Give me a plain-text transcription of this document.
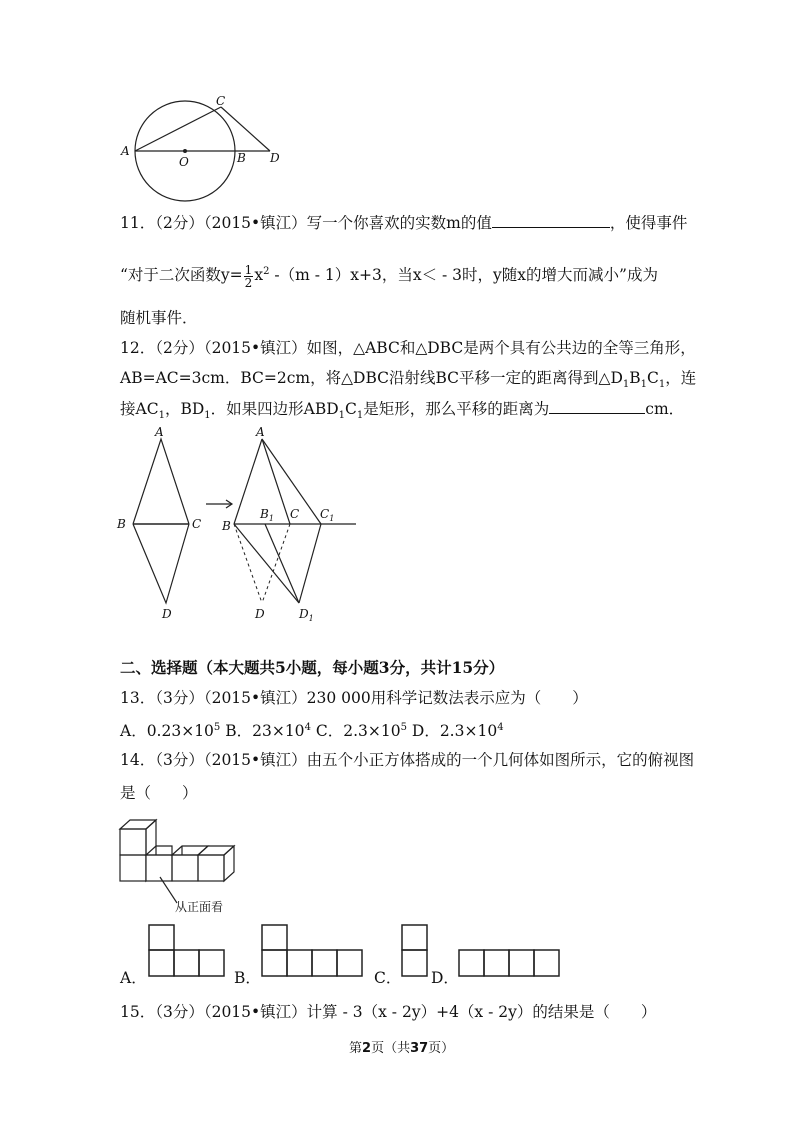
A
O	B
C
D
11．（2分）（2015•镇江）写一个你喜欢的实数m的值	，使得事件
“对于二次函数$y= \frac{1}{2} x^2$ -（m - 1）x+3，当x＜ - 3时，y随x的增大而减小”成为
随机事件．
12．（2分）（2015•镇江）如图，△ABC和△DBC是两个具有公共边的全等三角形，
AB=AC=3cm．BC=2cm，将△DBC沿射线BC平移一定的距离得到$\triangle D_1B_1C_1$，连
接$AC_1$，$BD_1$．如果四边形$ABD_1C_1$是矩形，那么平移的距离为	cm．
A
B	C
D
A
B
$B_1$ C $C_1$
D	$D_1$
二、选择题（本大题共5小题，每小题3分，共计15分）
13．（3分）（2015•镇江）230 000用科学记数法表示应为（　　）
A．$0.23\times 10^5$ B．$23\times 10^4$ C．$2.3\times 10^5$ D．$2.3\times 10^4$
14．（3分）（2015•镇江）由五个小正方体搭成的一个几何体如图所示，它的俯视图
是（　　）
从正面看
A．	B．	C． D．
15．（3分）（2015•镇江）计算 - 3（x - 2y）+4（x - 2y）的结果是（　　）
第2页（共37页）
